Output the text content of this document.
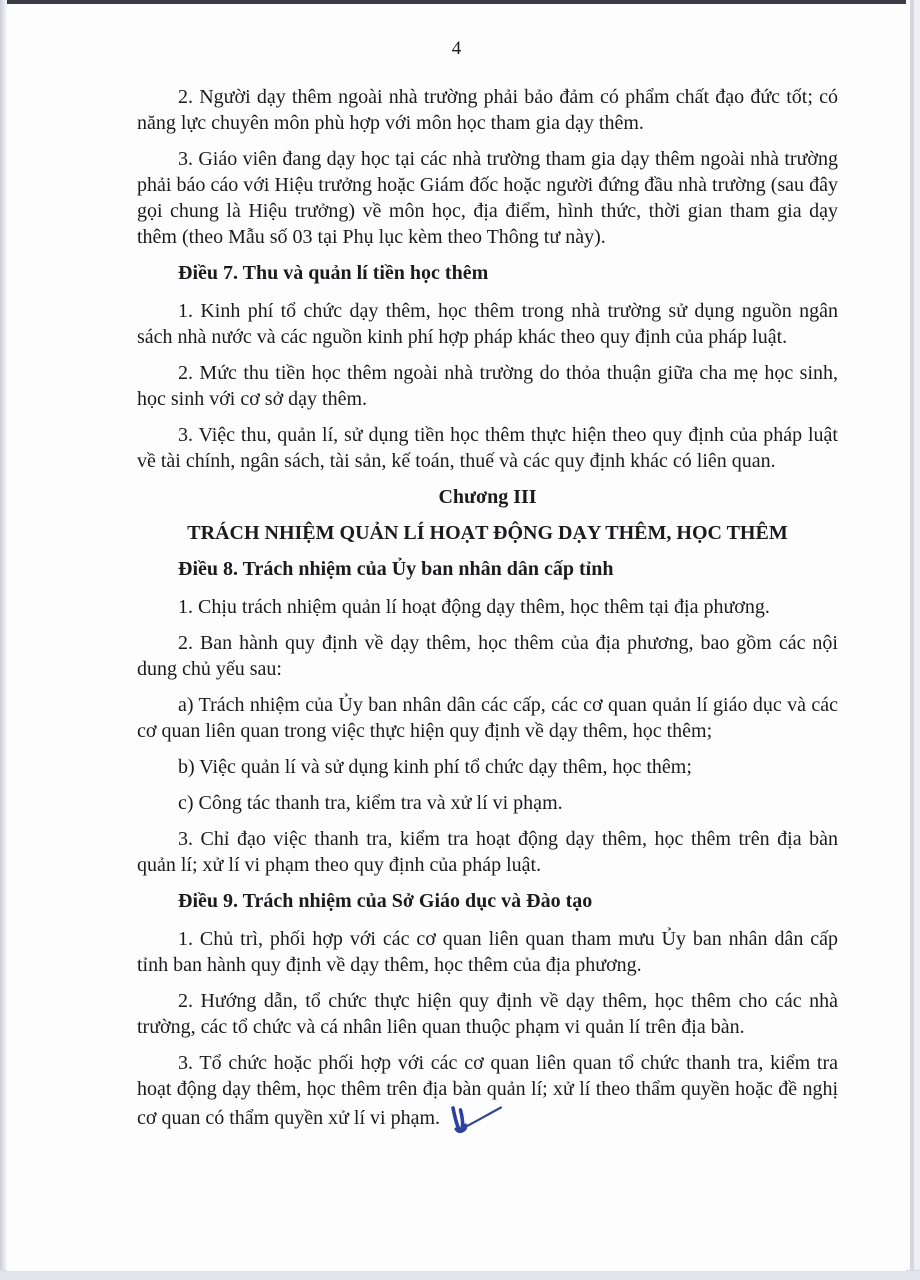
4

2. Người dạy thêm ngoài nhà trường phải bảo đảm có phẩm chất đạo đức tốt; có năng lực chuyên môn phù hợp với môn học tham gia dạy thêm.

3. Giáo viên đang dạy học tại các nhà trường tham gia dạy thêm ngoài nhà trường phải báo cáo với Hiệu trưởng hoặc Giám đốc hoặc người đứng đầu nhà trường (sau đây gọi chung là Hiệu trưởng) về môn học, địa điểm, hình thức, thời gian tham gia dạy thêm (theo Mẫu số 03 tại Phụ lục kèm theo Thông tư này).

Điều 7. Thu và quản lí tiền học thêm

1. Kinh phí tổ chức dạy thêm, học thêm trong nhà trường sử dụng nguồn ngân sách nhà nước và các nguồn kinh phí hợp pháp khác theo quy định của pháp luật.

2. Mức thu tiền học thêm ngoài nhà trường do thỏa thuận giữa cha mẹ học sinh, học sinh với cơ sở dạy thêm.

3. Việc thu, quản lí, sử dụng tiền học thêm thực hiện theo quy định của pháp luật về tài chính, ngân sách, tài sản, kế toán, thuế và các quy định khác có liên quan.

Chương III

TRÁCH NHIỆM QUẢN LÍ HOẠT ĐỘNG DẠY THÊM, HỌC THÊM

Điều 8. Trách nhiệm của Ủy ban nhân dân cấp tỉnh

1. Chịu trách nhiệm quản lí hoạt động dạy thêm, học thêm tại địa phương.

2. Ban hành quy định về dạy thêm, học thêm của địa phương, bao gồm các nội dung chủ yếu sau:

a) Trách nhiệm của Ủy ban nhân dân các cấp, các cơ quan quản lí giáo dục và các cơ quan liên quan trong việc thực hiện quy định về dạy thêm, học thêm;

b) Việc quản lí và sử dụng kinh phí tổ chức dạy thêm, học thêm;

c) Công tác thanh tra, kiểm tra và xử lí vi phạm.

3. Chỉ đạo việc thanh tra, kiểm tra hoạt động dạy thêm, học thêm trên địa bàn quản lí; xử lí vi phạm theo quy định của pháp luật.

Điều 9. Trách nhiệm của Sở Giáo dục và Đào tạo

1. Chủ trì, phối hợp với các cơ quan liên quan tham mưu Ủy ban nhân dân cấp tỉnh ban hành quy định về dạy thêm, học thêm của địa phương.

2. Hướng dẫn, tổ chức thực hiện quy định về dạy thêm, học thêm cho các nhà trường, các tổ chức và cá nhân liên quan thuộc phạm vi quản lí trên địa bàn.

3. Tổ chức hoặc phối hợp với các cơ quan liên quan tổ chức thanh tra, kiểm tra hoạt động dạy thêm, học thêm trên địa bàn quản lí; xử lí theo thẩm quyền hoặc đề nghị cơ quan có thẩm quyền xử lí vi phạm.
